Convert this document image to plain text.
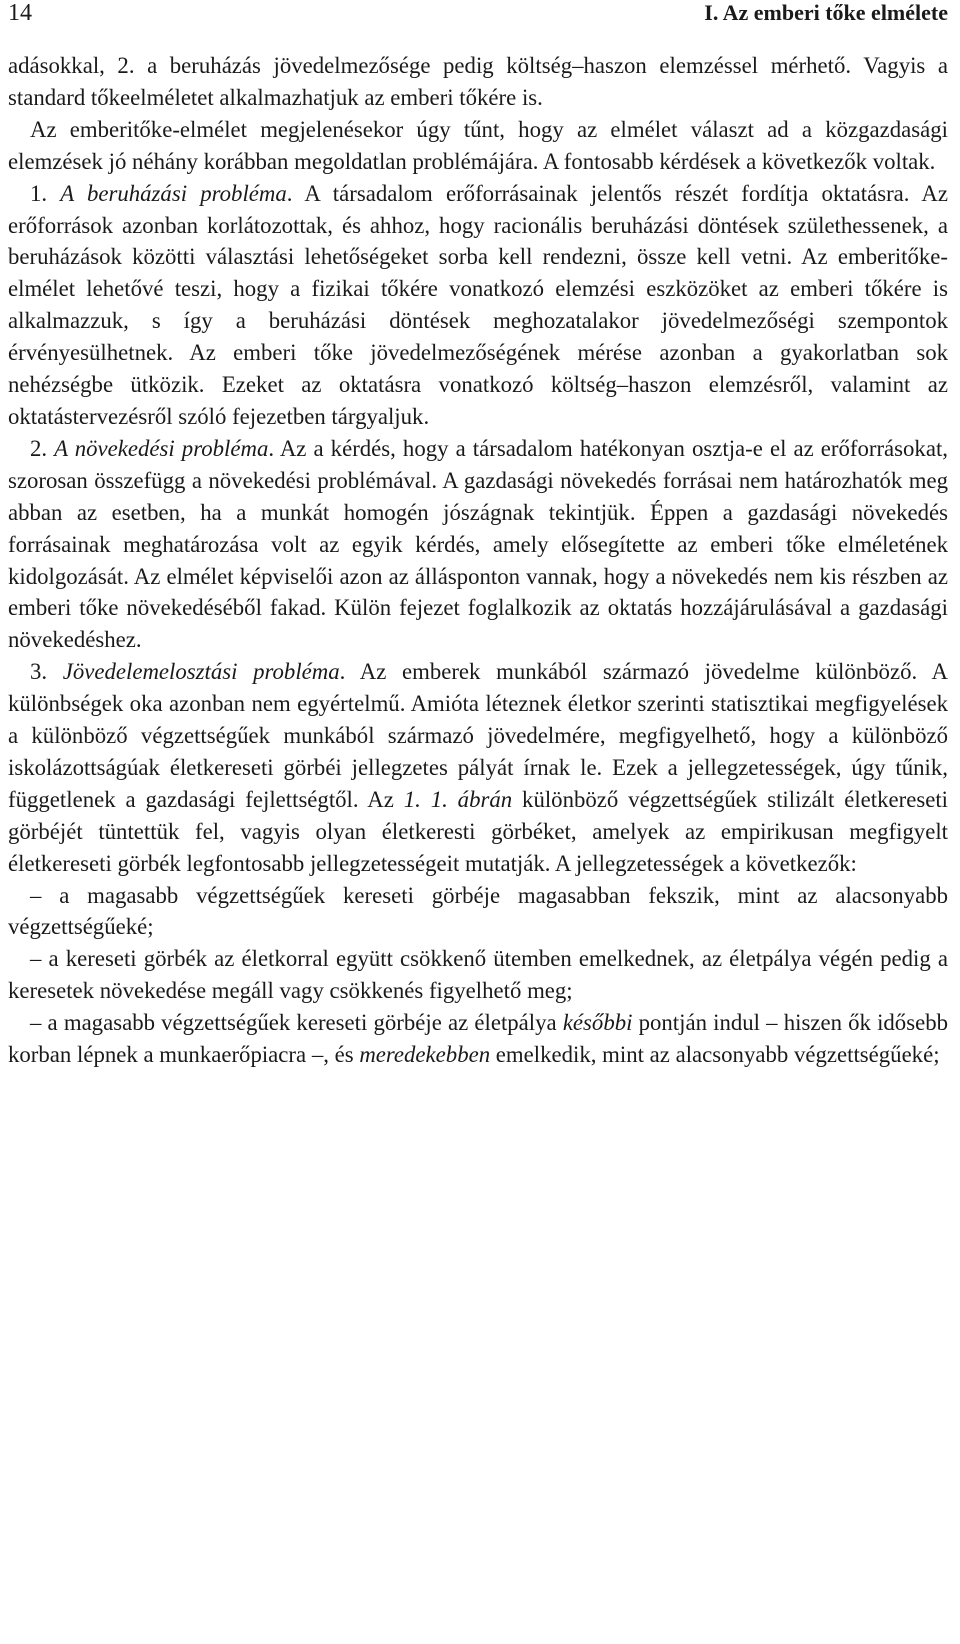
14	I. Az emberi tőke elmélete

adásokkal, 2. a beruházás jövedelmezősége pedig költség–haszon elemzéssel mérhető. Vagyis a standard tőkeelméletet alkalmazhatjuk az emberi tőkére is.

Az emberitőke-elmélet megjelenésekor úgy tűnt, hogy az elmélet választ ad a közgazdasági elemzések jó néhány korábban megoldatlan problémájára. A fontosabb kérdések a következők voltak.

1. A beruházási probléma. A társadalom erőforrásainak jelentős részét fordítja oktatásra. Az erőforrások azonban korlátozottak, és ahhoz, hogy racionális beruházási döntések születhessenek, a beruházások közötti választási lehetőségeket sorba kell rendezni, össze kell vetni. Az emberitőke-elmélet lehetővé teszi, hogy a fizikai tőkére vonatkozó elemzési eszközöket az emberi tőkére is alkalmazzuk, s így a beruházási döntések meghozatalakor jövedelmezőségi szempontok érvényesülhetnek. Az emberi tőke jövedelmezőségének mérése azonban a gyakorlatban sok nehézségbe ütközik. Ezeket az oktatásra vonatkozó költség–haszon elemzésről, valamint az oktatástervezésről szóló fejezetben tárgyaljuk.

2. A növekedési probléma. Az a kérdés, hogy a társadalom hatékonyan osztja-e el az erőforrásokat, szorosan összefügg a növekedési problémával. A gazdasági növekedés forrásai nem határozhatók meg abban az esetben, ha a munkát homogén jószágnak tekintjük. Éppen a gazdasági növekedés forrásainak meghatározása volt az egyik kérdés, amely elősegítette az emberi tőke elméletének kidolgozását. Az elmélet képviselői azon az állásponton vannak, hogy a növekedés nem kis részben az emberi tőke növekedéséből fakad. Külön fejezet foglalkozik az oktatás hozzájárulásával a gazdasági növekedéshez.

3. Jövedelemelosztási probléma. Az emberek munkából származó jövedelme különböző. A különbségek oka azonban nem egyértelmű. Amióta léteznek életkor szerinti statisztikai megfigyelések a különböző végzettségűek munkából származó jövedelmére, megfigyelhető, hogy a különböző iskolázottságúak életkereseti görbéi jellegzetes pályát írnak le. Ezek a jellegzetességek, úgy tűnik, függetlenek a gazdasági fejlettségtől. Az 1. 1. ábrán különböző végzettségűek stilizált életkereseti görbéjét tüntettük fel, vagyis olyan életkeresti görbéket, amelyek az empirikusan megfigyelt életkereseti görbék legfontosabb jellegzetességeit mutatják. A jellegzetességek a következők:

– a magasabb végzettségűek kereseti görbéje magasabban fekszik, mint az alacsonyabb végzettségűeké;

– a kereseti görbék az életkorral együtt csökkenő ütemben emelkednek, az életpálya végén pedig a keresetek növekedése megáll vagy csökkenés figyelhető meg;

– a magasabb végzettségűek kereseti görbéje az életpálya későbbi pontján indul – hiszen ők idősebb korban lépnek a munkaerőpiacra –, és meredekebben emelkedik, mint az alacsonyabb végzettségűeké;
